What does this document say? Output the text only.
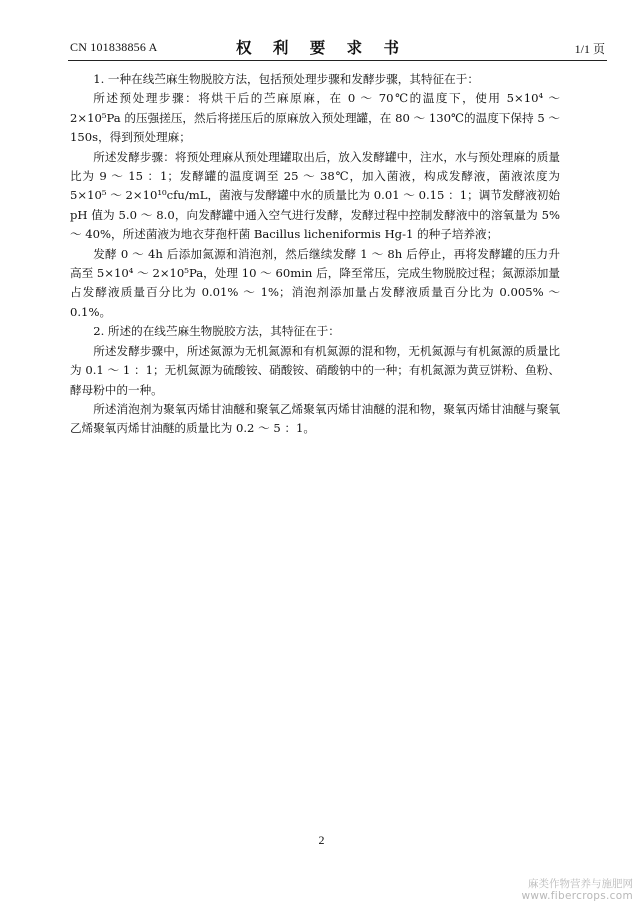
CN 101838856 A	权 利 要 求 书	1/1 页

1. 一种在线苎麻生物脱胶方法，包括预处理步骤和发酵步骤，其特征在于：

所述预处理步骤：将烘干后的苎麻原麻，在 0 ～ 70℃的温度下，使用 5×10⁴ ～ 2×10⁵Pa 的压强搓压，然后将搓压后的原麻放入预处理罐，在 80 ～ 130℃的温度下保持 5 ～ 150s，得到预处理麻；

所述发酵步骤：将预处理麻从预处理罐取出后，放入发酵罐中，注水，水与预处理麻的质量比为 9 ～ 15 ：1；发酵罐的温度调至 25 ～ 38℃，加入菌液，构成发酵液，菌液浓度为 5×10⁵ ～ 2×10¹⁰cfu/mL，菌液与发酵罐中水的质量比为 0.01 ～ 0.15 ：1；调节发酵液初始 pH 值为 5.0 ～ 8.0，向发酵罐中通入空气进行发酵，发酵过程中控制发酵液中的溶氧量为 5% ～ 40%，所述菌液为地衣芽孢杆菌 Bacillus licheniformis Hg-1 的种子培养液；

发酵 0 ～ 4h 后添加氮源和消泡剂，然后继续发酵 1 ～ 8h 后停止，再将发酵罐的压力升高至 5×10⁴ ～ 2×10⁵Pa，处理 10 ～ 60min 后，降至常压，完成生物脱胶过程；氮源添加量占发酵液质量百分比为 0.01% ～ 1%；消泡剂添加量占发酵液质量百分比为 0.005% ～ 0.1%。

2. 所述的在线苎麻生物脱胶方法，其特征在于：

所述发酵步骤中，所述氮源为无机氮源和有机氮源的混和物，无机氮源与有机氮源的质量比为 0.1 ～ 1 ：1；无机氮源为硫酸铵、硝酸铵、硝酸钠中的一种；有机氮源为黄豆饼粉、鱼粉、酵母粉中的一种。

所述消泡剂为聚氧丙烯甘油醚和聚氧乙烯聚氧丙烯甘油醚的混和物，聚氧丙烯甘油醚与聚氧乙烯聚氧丙烯甘油醚的质量比为 0.2 ～ 5 ：1。

2
麻类作物营养与施肥网
www.fibercrops.com
